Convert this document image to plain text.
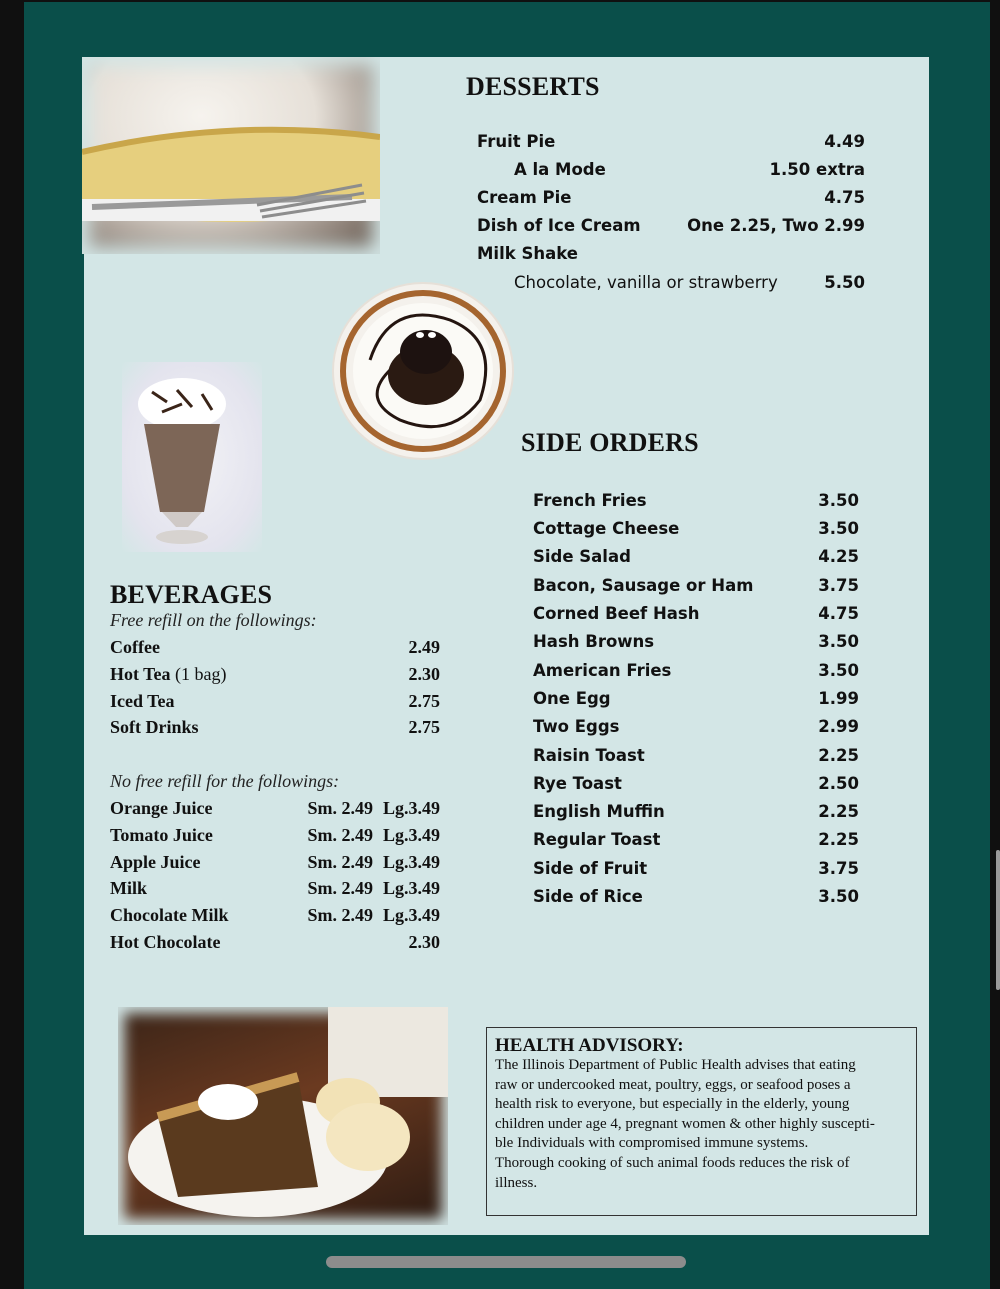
DESSERTS
Fruit Pie	4.49
A la Mode	1.50 extra
Cream Pie	4.75
Dish of Ice Cream	One 2.25, Two 2.99
Milk Shake
Chocolate, vanilla or strawberry	5.50
SIDE ORDERS
French Fries	3.50
Cottage Cheese	3.50
Side Salad	4.25
Bacon, Sausage or Ham	3.75
Corned Beef Hash	4.75
Hash Browns	3.50
American Fries	3.50
One Egg	1.99
Two Eggs	2.99
Raisin Toast	2.25
Rye Toast	2.50
English Muffin	2.25
Regular Toast	2.25
Side of Fruit	3.75
Side of Rice	3.50
BEVERAGES
Free refill on the followings:
Coffee	2.49
Hot Tea (1 bag)	2.30
Iced Tea	2.75
Soft Drinks	2.75
No free refill for the followings:
Orange Juice	Sm. 2.49 Lg.3.49
Tomato Juice	Sm. 2.49 Lg.3.49
Apple Juice	Sm. 2.49 Lg.3.49
Milk	Sm. 2.49 Lg.3.49
Chocolate Milk	Sm. 2.49 Lg.3.49
Hot Chocolate	2.30
HEALTH ADVISORY:
The Illinois Department of Public Health advises that eating
raw or undercooked meat, poultry, eggs, or seafood poses a
health risk to everyone, but especially in the elderly, young
children under age 4, pregnant women & other highly suscepti-
ble Individuals with compromised immune systems.
Thorough cooking of such animal foods reduces the risk of
illness.
